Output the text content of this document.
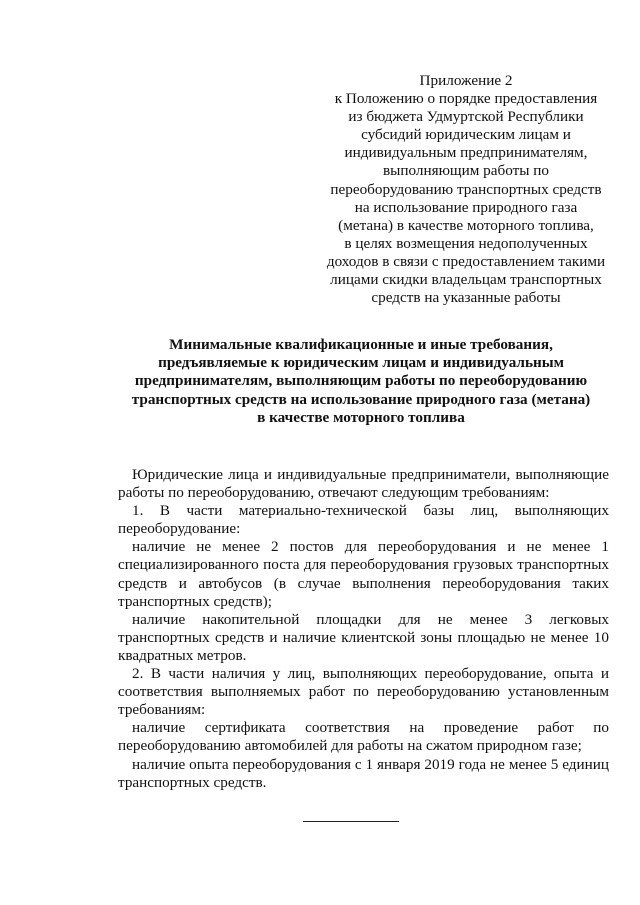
Приложение 2
к Положению о порядке предоставления
из бюджета Удмуртской Республики
субсидий юридическим лицам и
индивидуальным предпринимателям,
выполняющим работы по
переоборудованию транспортных средств
на использование природного газа
(метана) в качестве моторного топлива,
в целях возмещения недополученных
доходов в связи с предоставлением такими
лицами скидки владельцам транспортных
средств на указанные работы
Минимальные квалификационные и иные требования,
предъявляемые к юридическим лицам и индивидуальным
предпринимателям, выполняющим работы по переоборудованию
транспортных средств на использование природного газа (метана)
в качестве моторного топлива

Юридические лица и индивидуальные предприниматели, выполняющие работы по переоборудованию, отвечают следующим требованиям:

1. В части материально-технической базы лиц, выполняющих переоборудование:

наличие не менее 2 постов для переоборудования и не менее 1 специализированного поста для переоборудования грузовых транспортных средств и автобусов (в случае выполнения переоборудования таких транспортных средств);

наличие накопительной площадки для не менее 3 легковых транспортных средств и наличие клиентской зоны площадью не менее 10 квадратных метров.

2. В части наличия у лиц, выполняющих переоборудование, опыта и соответствия выполняемых работ по переоборудованию установленным требованиям:

наличие сертификата соответствия на проведение работ по переоборудованию автомобилей для работы на сжатом природном газе;

наличие опыта переоборудования с 1 января 2019 года не менее 5 единиц транспортных средств.
